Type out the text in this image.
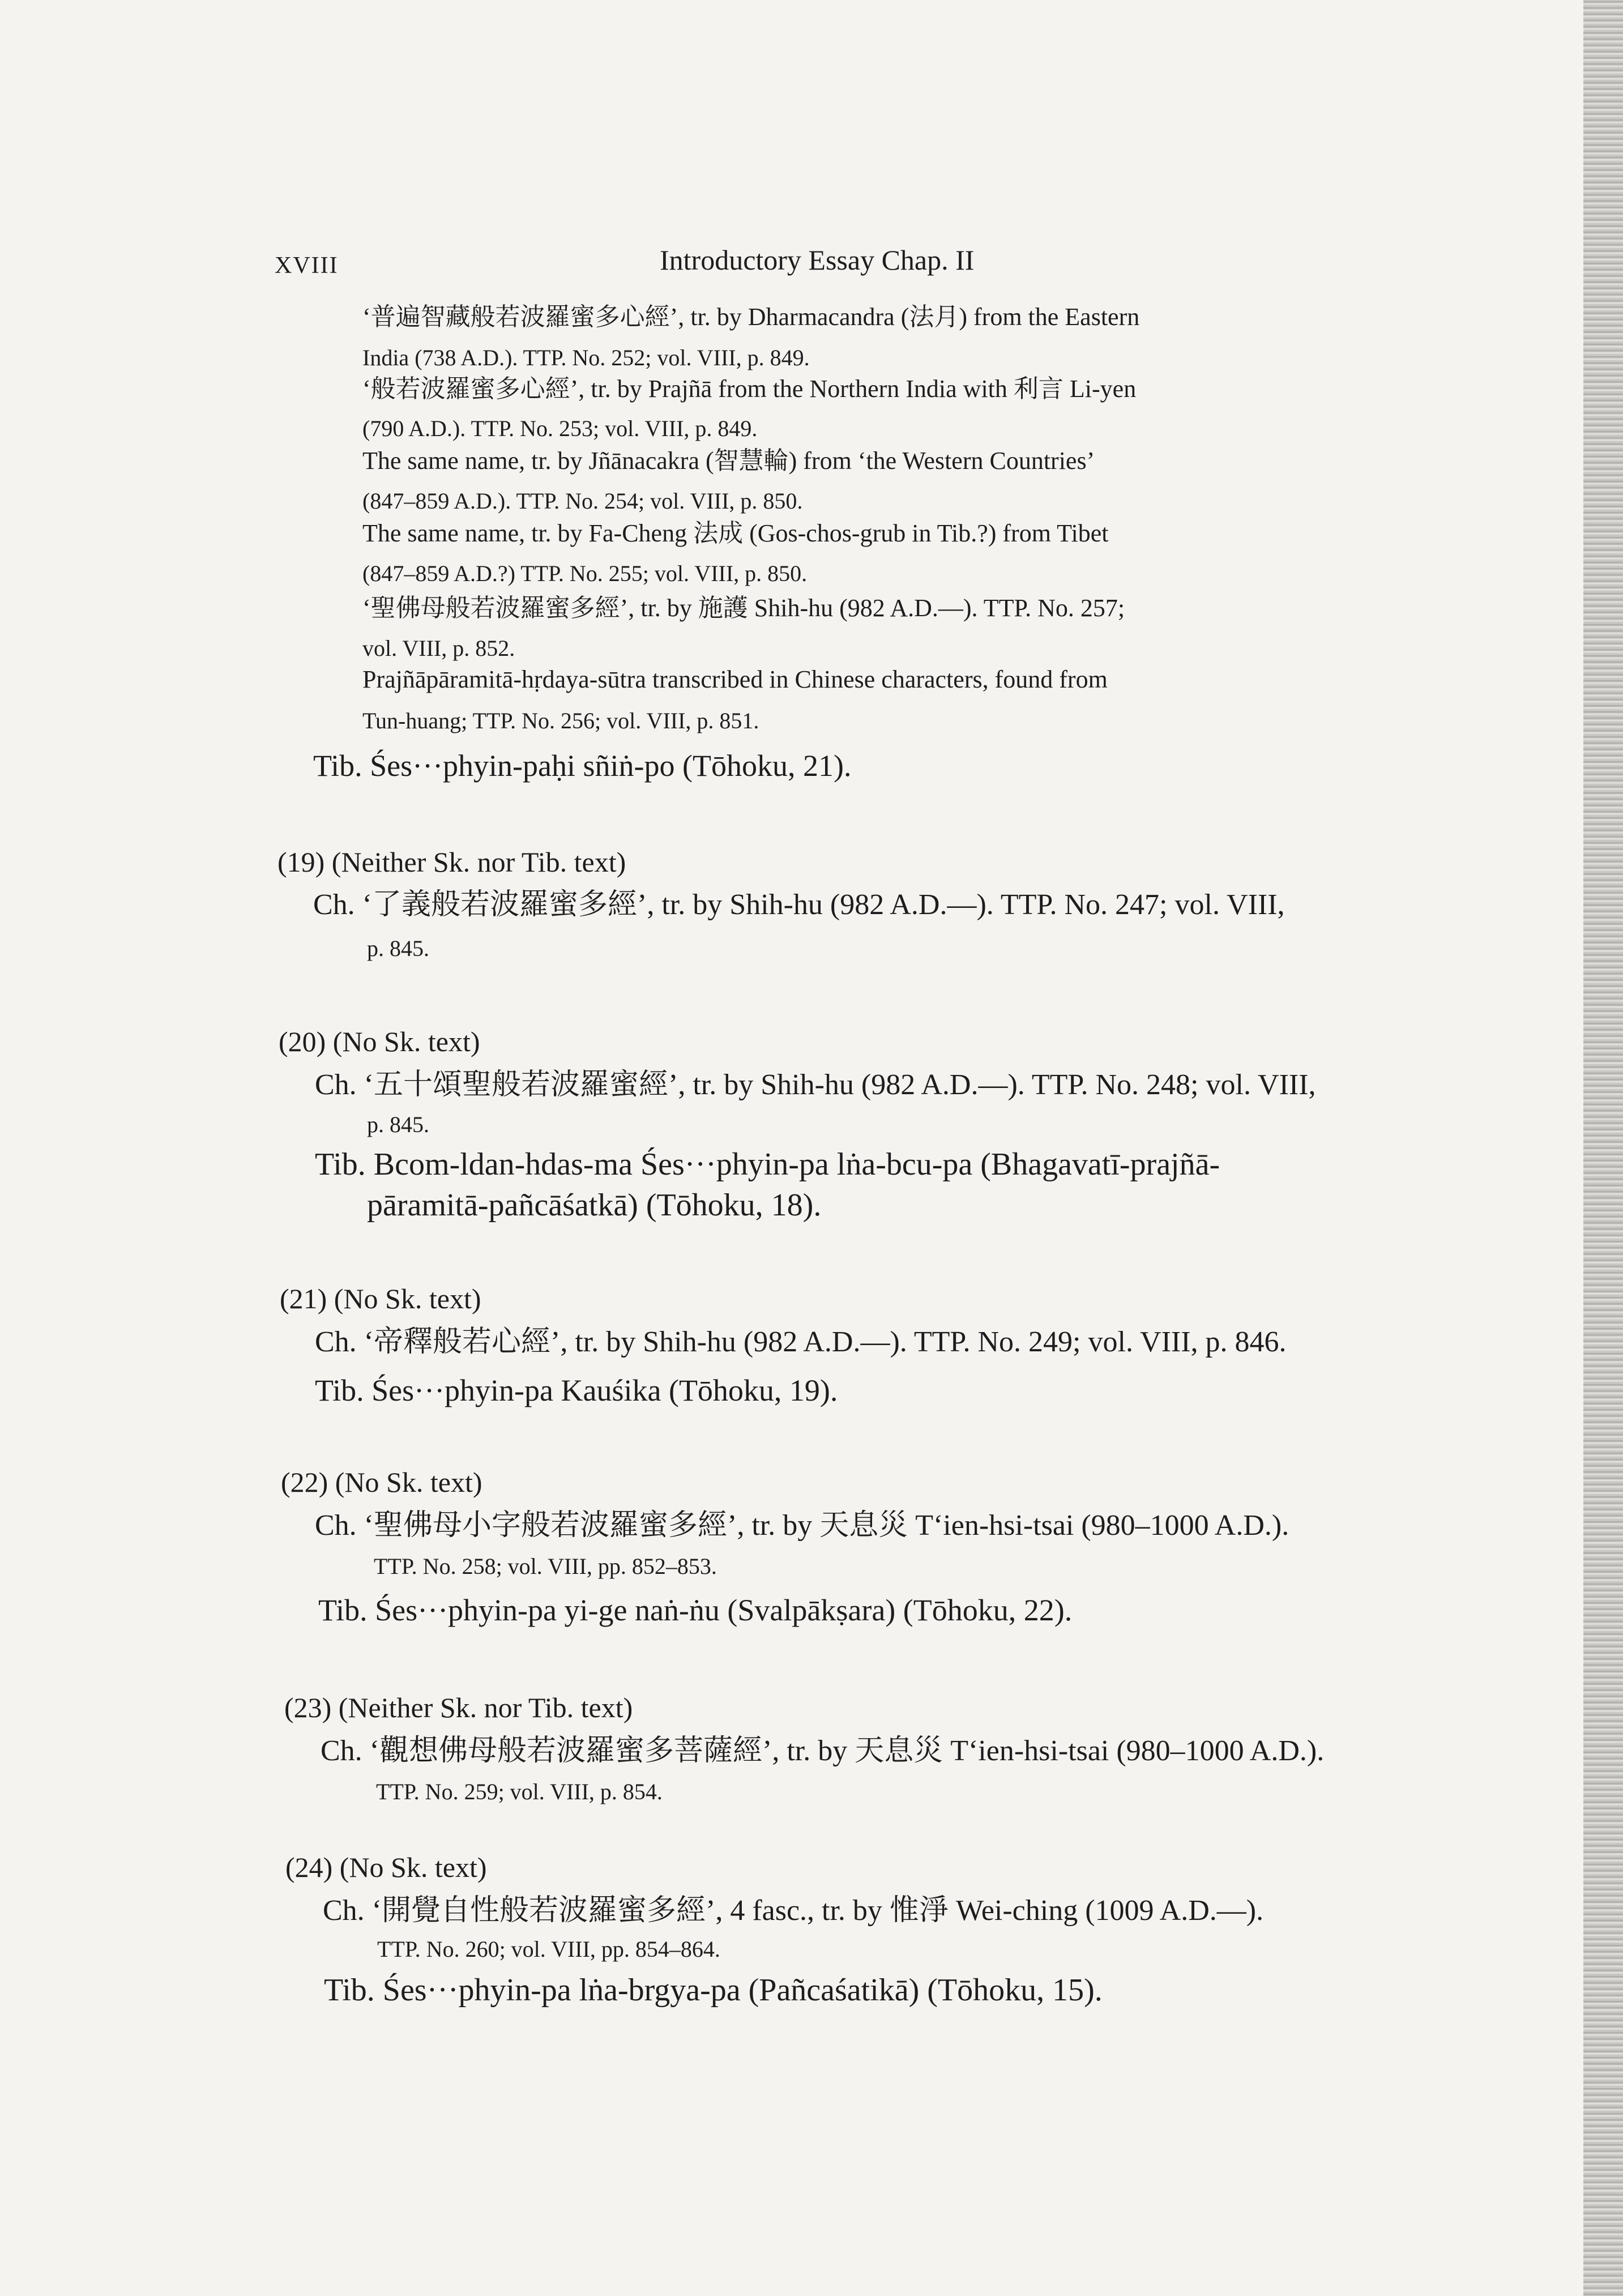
XVIII	Introductory Essay Chap. II
‘普遍智藏般若波羅蜜多心經’, tr. by Dharmacandra (法月) from the Eastern
India (738 A.D.). TTP. No. 252; vol. VIII, p. 849.
‘般若波羅蜜多心經’, tr. by Prajñā from the Northern India with 利言 Li-yen
(790 A.D.). TTP. No. 253; vol. VIII, p. 849.
The same name, tr. by Jñānacakra (智慧輪) from ‘the Western Countries’
(847–859 A.D.). TTP. No. 254; vol. VIII, p. 850.
The same name, tr. by Fa-Cheng 法成 (Gos-chos-grub in Tib.?) from Tibet
(847–859 A.D.?) TTP. No. 255; vol. VIII, p. 850.
‘聖佛母般若波羅蜜多經’, tr. by 施護 Shih-hu (982 A.D.—). TTP. No. 257;
vol. VIII, p. 852.
Prajñāpāramitā-hṛdaya-sūtra transcribed in Chinese characters, found from
Tun-huang; TTP. No. 256; vol. VIII, p. 851.
Tib. Śes···phyin-paḥi sñiṅ-po (Tōhoku, 21).
(19) (Neither Sk. nor Tib. text)
Ch. ‘了義般若波羅蜜多經’, tr. by Shih-hu (982 A.D.—). TTP. No. 247; vol. VIII,
p. 845.
(20) (No Sk. text)
Ch. ‘五十頌聖般若波羅蜜經’, tr. by Shih-hu (982 A.D.—). TTP. No. 248; vol. VIII,
p. 845.
Tib. Bcom-ldan-hdas-ma Śes···phyin-pa lṅa-bcu-pa (Bhagavatī-prajñā-
pāramitā-pañcāśatkā) (Tōhoku, 18).
(21) (No Sk. text)
Ch. ‘帝釋般若心經’, tr. by Shih-hu (982 A.D.—). TTP. No. 249; vol. VIII, p. 846.
Tib. Śes···phyin-pa Kauśika (Tōhoku, 19).
(22) (No Sk. text)
Ch. ‘聖佛母小字般若波羅蜜多經’, tr. by 天息災 T‘ien-hsi-tsai (980–1000 A.D.).
TTP. No. 258; vol. VIII, pp. 852–853.
Tib. Śes···phyin-pa yi-ge naṅ-ṅu (Svalpākṣara) (Tōhoku, 22).
(23) (Neither Sk. nor Tib. text)
Ch. ‘觀想佛母般若波羅蜜多菩薩經’, tr. by 天息災 T‘ien-hsi-tsai (980–1000 A.D.).
TTP. No. 259; vol. VIII, p. 854.
(24) (No Sk. text)
Ch. ‘開覺自性般若波羅蜜多經’, 4 fasc., tr. by 惟淨 Wei-ching (1009 A.D.—).
TTP. No. 260; vol. VIII, pp. 854–864.
Tib. Śes···phyin-pa lṅa-brgya-pa (Pañcaśatikā) (Tōhoku, 15).
